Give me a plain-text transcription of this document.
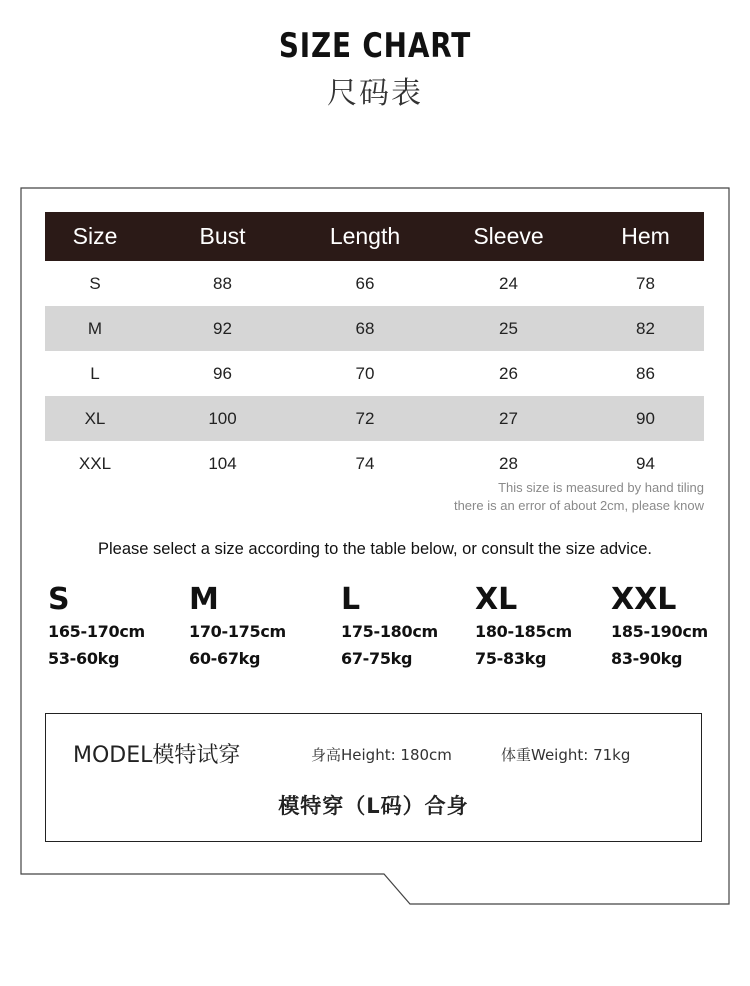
SIZE CHART
尺码表
Size	Bust	Length	Sleeve	Hem
S	88	66	24	78
M	92	68	25	82
L	96	70	26	86
XL	100	72	27	90
XXL	104	74	28	94
This size is measured by hand tiling
there is an error of about 2cm, please know
Please select a size according to the table below, or consult the size advice.
S
165-170cm
53-60kg
M
170-175cm
60-67kg
L
175-180cm
67-75kg
XL
180-185cm
75-83kg
XXL
185-190cm
83-90kg
MODEL模特试穿	身高Height: 180cm	体重Weight: 71kg
模特穿（L码）合身
